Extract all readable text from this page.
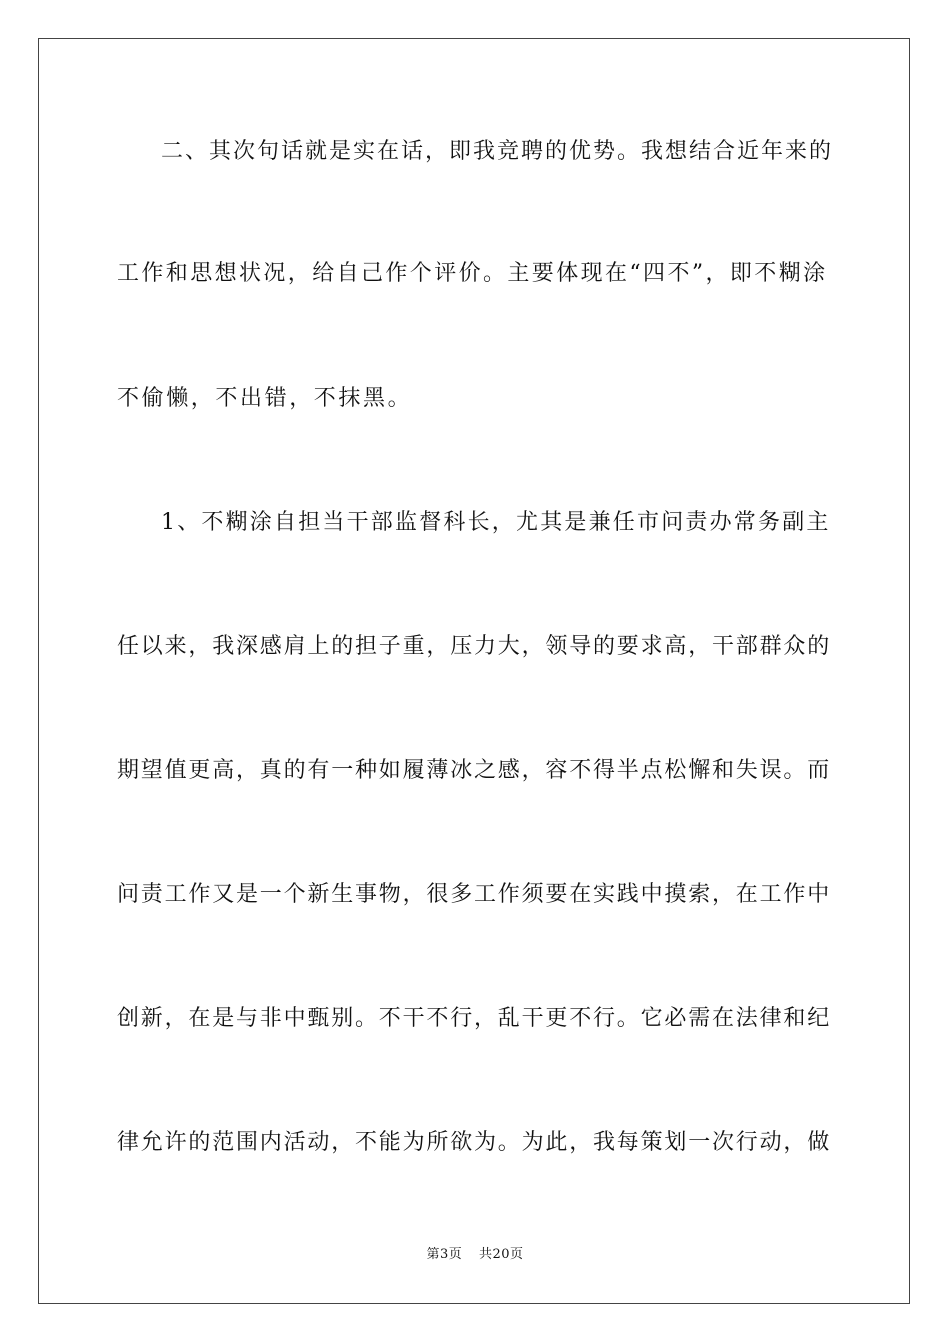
二、其次句话就是实在话，即我竞聘的优势。我想结合近年来的
工作和思想状况，给自己作个评价。主要体现在“四不”，即不糊涂
不偷懒，不出错，不抹黑。
1、不糊涂自担当干部监督科长，尤其是兼任市问责办常务副主
任以来，我深感肩上的担子重，压力大，领导的要求高，干部群众的
期望值更高，真的有一种如履薄冰之感，容不得半点松懈和失误。而
问责工作又是一个新生事物，很多工作须要在实践中摸索，在工作中
创新，在是与非中甄别。不干不行，乱干更不行。它必需在法律和纪
律允许的范围内活动，不能为所欲为。为此，我每策划一次行动，做
第3页 共20页
